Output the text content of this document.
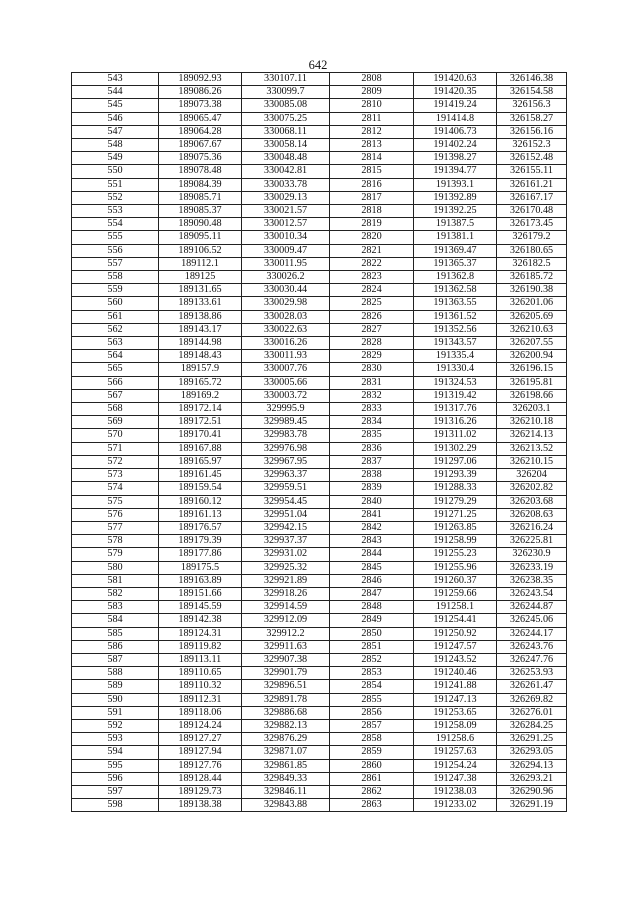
642
543	189092.93	330107.11	2808	191420.63	326146.38
544	189086.26	330099.7	2809	191420.35	326154.58
545	189073.38	330085.08	2810	191419.24	326156.3
546	189065.47	330075.25	2811	191414.8	326158.27
547	189064.28	330068.11	2812	191406.73	326156.16
548	189067.67	330058.14	2813	191402.24	326152.3
549	189075.36	330048.48	2814	191398.27	326152.48
550	189078.48	330042.81	2815	191394.77	326155.11
551	189084.39	330033.78	2816	191393.1	326161.21
552	189085.71	330029.13	2817	191392.89	326167.17
553	189085.37	330021.57	2818	191392.25	326170.48
554	189090.48	330012.57	2819	191387.5	326173.45
555	189095.11	330010.34	2820	191381.1	326179.2
556	189106.52	330009.47	2821	191369.47	326180.65
557	189112.1	330011.95	2822	191365.37	326182.5
558	189125	330026.2	2823	191362.8	326185.72
559	189131.65	330030.44	2824	191362.58	326190.38
560	189133.61	330029.98	2825	191363.55	326201.06
561	189138.86	330028.03	2826	191361.52	326205.69
562	189143.17	330022.63	2827	191352.56	326210.63
563	189144.98	330016.26	2828	191343.57	326207.55
564	189148.43	330011.93	2829	191335.4	326200.94
565	189157.9	330007.76	2830	191330.4	326196.15
566	189165.72	330005.66	2831	191324.53	326195.81
567	189169.2	330003.72	2832	191319.42	326198.66
568	189172.14	329995.9	2833	191317.76	326203.1
569	189172.51	329989.45	2834	191316.26	326210.18
570	189170.41	329983.78	2835	191311.02	326214.13
571	189167.88	329976.98	2836	191302.29	326213.52
572	189165.97	329967.95	2837	191297.06	326210.15
573	189161.45	329963.37	2838	191293.39	326204
574	189159.54	329959.51	2839	191288.33	326202.82
575	189160.12	329954.45	2840	191279.29	326203.68
576	189161.13	329951.04	2841	191271.25	326208.63
577	189176.57	329942.15	2842	191263.85	326216.24
578	189179.39	329937.37	2843	191258.99	326225.81
579	189177.86	329931.02	2844	191255.23	326230.9
580	189175.5	329925.32	2845	191255.96	326233.19
581	189163.89	329921.89	2846	191260.37	326238.35
582	189151.66	329918.26	2847	191259.66	326243.54
583	189145.59	329914.59	2848	191258.1	326244.87
584	189142.38	329912.09	2849	191254.41	326245.06
585	189124.31	329912.2	2850	191250.92	326244.17
586	189119.82	329911.63	2851	191247.57	326243.76
587	189113.11	329907.38	2852	191243.52	326247.76
588	189110.65	329901.79	2853	191240.46	326253.93
589	189110.32	329896.51	2854	191241.88	326261.47
590	189112.31	329891.78	2855	191247.13	326269.82
591	189118.06	329886.68	2856	191253.65	326276.01
592	189124.24	329882.13	2857	191258.09	326284.25
593	189127.27	329876.29	2858	191258.6	326291.25
594	189127.94	329871.07	2859	191257.63	326293.05
595	189127.76	329861.85	2860	191254.24	326294.13
596	189128.44	329849.33	2861	191247.38	326293.21
597	189129.73	329846.11	2862	191238.03	326290.96
598	189138.38	329843.88	2863	191233.02	326291.19
